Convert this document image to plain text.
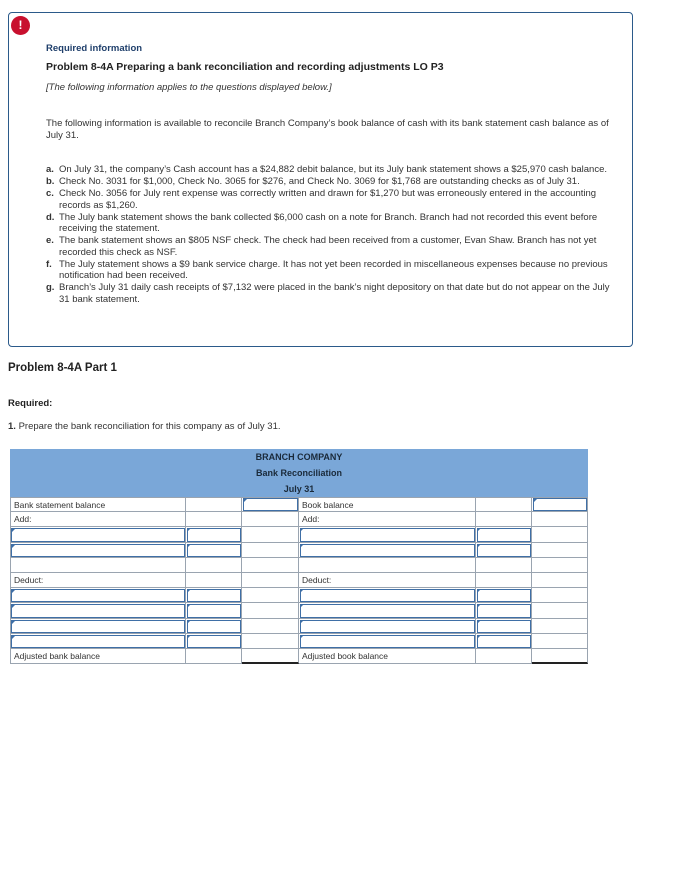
!
Required information
Problem 8-4A Preparing a bank reconciliation and recording adjustments LO P3
[The following information applies to the questions displayed below.]
The following information is available to reconcile Branch Company’s book balance of cash with its bank statement cash balance as of July 31.
a. On July 31, the company’s Cash account has a $24,882 debit balance, but its July bank statement shows a $25,970 cash balance.
b. Check No. 3031 for $1,000, Check No. 3065 for $276, and Check No. 3069 for $1,768 are outstanding checks as of July 31.
c. Check No. 3056 for July rent expense was correctly written and drawn for $1,270 but was erroneously entered in the accounting records as $1,260.
d. The July bank statement shows the bank collected $6,000 cash on a note for Branch. Branch had not recorded this event before receiving the statement.
e. The bank statement shows an $805 NSF check. The check had been received from a customer, Evan Shaw. Branch has not yet recorded this check as NSF.
f. The July statement shows a $9 bank service charge. It has not yet been recorded in miscellaneous expenses because no previous notification had been received.
g. Branch’s July 31 daily cash receipts of $7,132 were placed in the bank’s night depository on that date but do not appear on the July 31 bank statement.
Problem 8-4A Part 1
Required:
1. Prepare the bank reconciliation for this company as of July 31.
BRANCH COMPANY
Bank Reconciliation
July 31
Bank statement balance	Book balance
Add:	Add:
Deduct:	Deduct:
Adjusted bank balance	Adjusted book balance
